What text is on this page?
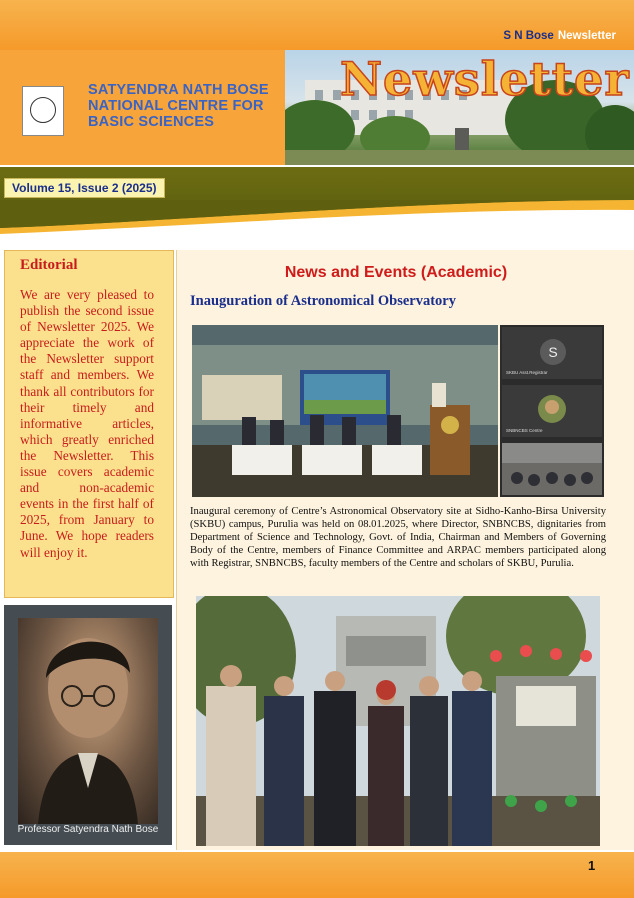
S N Bose Newsletter
SATYENDRA NATH BOSE NATIONAL CENTRE FOR BASIC SCIENCES
Newsletter
Volume 15, Issue 2 (2025)
Editorial
We are very pleased to publish the second issue of Newsletter 2025. We appreciate the work of the Newsletter support staff and members. We thank all contributors for their timely and informative articles, which greatly enriched the Newsletter. This issue covers academic and non-academic events in the first half of 2025, from January to June. We hope readers will enjoy it.
Professor Satyendra Nath Bose
News and Events (Academic)
Inauguration of Astronomical Observatory
S
SKBU Asst.Registrar
SNBNCBS Centre
Inaugural ceremony of Centre’s Astronomical Observatory site at Sidho-Kanho-Birsa University (SKBU) campus, Purulia was held on 08.01.2025, where Director, SNBNCBS, dignitaries from Department of Science and Technology, Govt. of India, Chairman and Members of Governing Body of the Centre, members of Finance Committee and ARPAC members participated along with Registrar, SNBNCBS, faculty members of the Centre and scholars of SKBU, Purulia.
1
